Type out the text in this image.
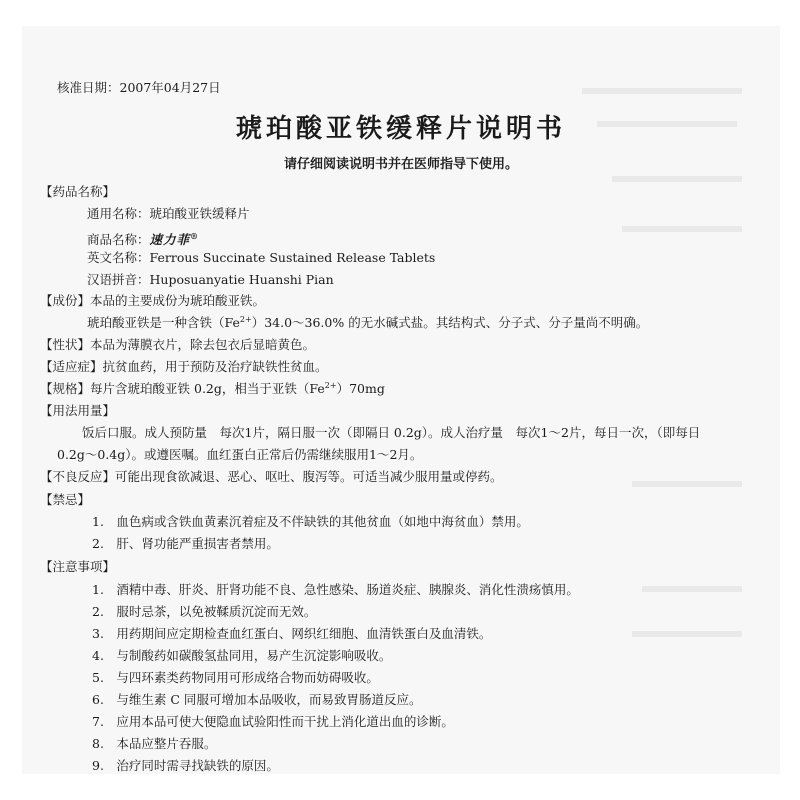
核准日期：2007年04月27日
琥珀酸亚铁缓释片说明书
请仔细阅读说明书并在医师指导下使用。
【药品名称】
通用名称：琥珀酸亚铁缓释片
商品名称：速力菲®
英文名称：Ferrous Succinate Sustained Release Tablets
汉语拼音：Huposuanyatie Huanshi Pian
【成份】本品的主要成份为琥珀酸亚铁。
琥珀酸亚铁是一种含铁$(Fe^{2+})34.0\sim 36.0\%$ 的无水碱式盐。其结构式、分子式、分子量尚不明确。
【性状】本品为薄膜衣片，除去包衣后显暗黄色。
【适应症】抗贫血药，用于预防及治疗缺铁性贫血。
【规格】每片含琥珀酸亚铁 0.2g，相当于亚铁$(Fe^{2+})70mg$
【用法用量】
饭后口服。成人预防量　每次1片，隔日服一次（即隔日 0.2g）。成人治疗量　每次1～2片，每日一次，（即每日
0.2g～0.4g）。或遵医嘱。血红蛋白正常后仍需继续服用1～2月。
【不良反应】可能出现食欲减退、恶心、呕吐、腹泻等。可适当减少服用量或停药。
【禁忌】
1.　血色病或含铁血黄素沉着症及不伴缺铁的其他贫血（如地中海贫血）禁用。
2.　肝、肾功能严重损害者禁用。
【注意事项】
1.　酒精中毒、肝炎、肝肾功能不良、急性感染、肠道炎症、胰腺炎、消化性溃疡慎用。
2.　服时忌茶，以免被鞣质沉淀而无效。
3.　用药期间应定期检查血红蛋白、网织红细胞、血清铁蛋白及血清铁。
4.　与制酸药如碳酸氢盐同用，易产生沉淀影响吸收。
5.　与四环素类药物同用可形成络合物而妨碍吸收。
6.　与维生素 C 同服可增加本品吸收，而易致胃肠道反应。
7.　应用本品可使大便隐血试验阳性而干扰上消化道出血的诊断。
8.　本品应整片吞服。
9.　治疗同时需寻找缺铁的原因。
